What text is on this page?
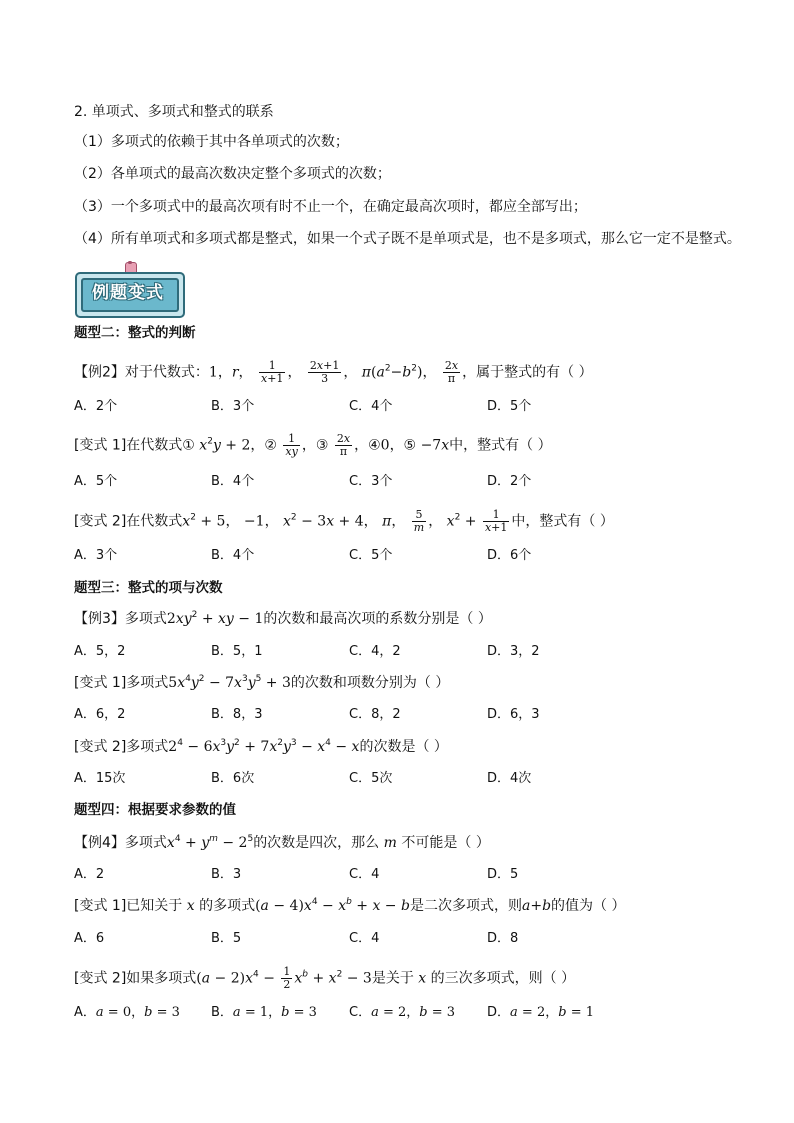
2. 单项式、多项式和整式的联系
（1）多项式的依赖于其中各单项式的次数；
（2）各单项式的最高次数决定整个多项式的次数；
（3）一个多项式中的最高次项有时不止一个，在确定最高次项时，都应全部写出；
（4）所有单项式和多项式都是整式，如果一个式子既不是单项式是，也不是多项式，那么它一定不是整式。
例题变式
题型二：整式的判断
【例2】对于代数式：1，r， $\frac{1}{x+1}$ ， $\frac{2x+1}{3}$ ， $\pi(a^2-b^2)$， $\frac{2x}{\pi}$ ，属于整式的有（ ）
A．2个	B．3个	C．4个	D．5个
[变式 1]在代数式① $x^2y + 2$，② $\frac{1}{xy}$ ，③ $\frac{2x}{\pi}$ ，④0，⑤ −7x中，整式有（ ）
A．5个	B．4个	C．3个	D．2个
[变式 2]在代数式$x^2 + 5$， −1， $x^2 - 3x + 4$， π， $\frac{5}{m}$ ， $x^2 + \frac{1}{x+1}$ 中，整式有（ ）
A．3个	B．4个	C．5个	D．6个
题型三：整式的项与次数
【例3】多项式$2xy^2$ + xy − 1的次数和最高次项的系数分别是（ ）
A．5，2	B．5，1	C．4，2	D．3，2
[变式 1]多项式$5x^4y^2 - 7x^3y^5 + 3$的次数和项数分别为（ ）
A．6，2	B．8，3	C．8，2	D．6，3
[变式 2]多项式$2^4 - 6x^3y^2 + 7x^2y^3 - x^4 - x$的次数是（ ）
A．15次	B．6次	C．5次	D．4次
题型四：根据要求参数的值
【例4】多项式$x^4 + y^m - 2^5$的次数是四次，那么 m 不可能是（ ）
A．2	B．3	C．4	D．5
[变式 1]已知关于 x 的多项式$(a - 4)x^4 - x^b + x - b$是二次多项式，则a+b的值为（ ）
A．6	B．5	C．4	D．8
[变式 2]如果多项式$(a - 2)x^4 - \frac{1}{2} x^b + x^2 - 3$是关于 x 的三次多项式，则（ ）
A．a = 0，b = 3 B．a = 1，b = 3 C．a = 2，b = 3 D．a = 2，b = 1
